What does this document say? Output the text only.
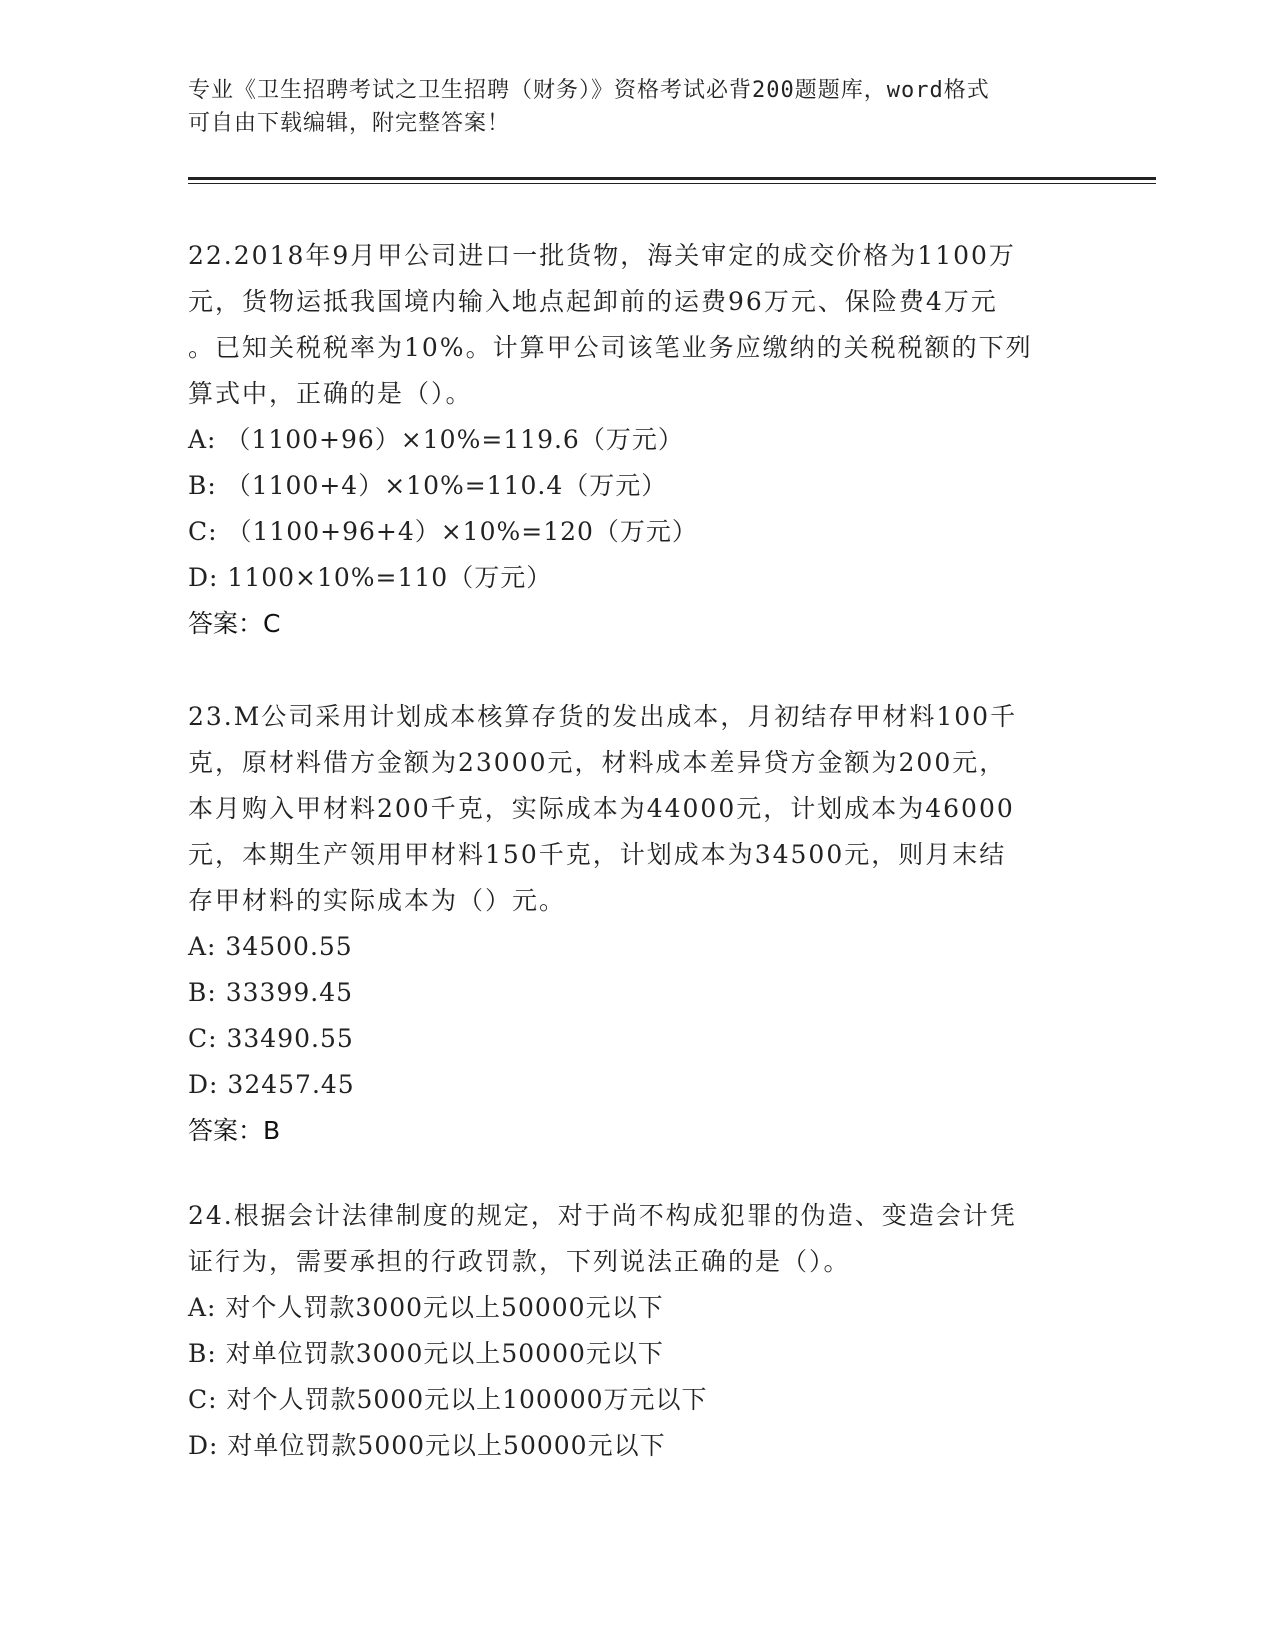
专业《卫生招聘考试之卫生招聘（财务）》资格考试必背200题题库，word格式
可自由下载编辑，附完整答案！
22.2018年9月甲公司进口一批货物，海关审定的成交价格为1100万
元，货物运抵我国境内输入地点起卸前的运费96万元、保险费4万元
。已知关税税率为10%。计算甲公司该笔业务应缴纳的关税税额的下列
算式中，正确的是（）。
A: （1100+96）×10%=119.6（万元）
B: （1100+4）×10%=110.4（万元）
C: （1100+96+4）×10%=120（万元）
D: 1100×10%=110（万元）
答案：C
23.M公司采用计划成本核算存货的发出成本，月初结存甲材料100千
克，原材料借方金额为23000元，材料成本差异贷方金额为200元，
本月购入甲材料200千克，实际成本为44000元，计划成本为46000
元，本期生产领用甲材料150千克，计划成本为34500元，则月末结
存甲材料的实际成本为（）元。
A: 34500.55
B: 33399.45
C: 33490.55
D: 32457.45
答案：B
24.根据会计法律制度的规定，对于尚不构成犯罪的伪造、变造会计凭
证行为，需要承担的行政罚款，下列说法正确的是（）。
A: 对个人罚款3000元以上50000元以下
B: 对单位罚款3000元以上50000元以下
C: 对个人罚款5000元以上100000万元以下
D: 对单位罚款5000元以上50000元以下
